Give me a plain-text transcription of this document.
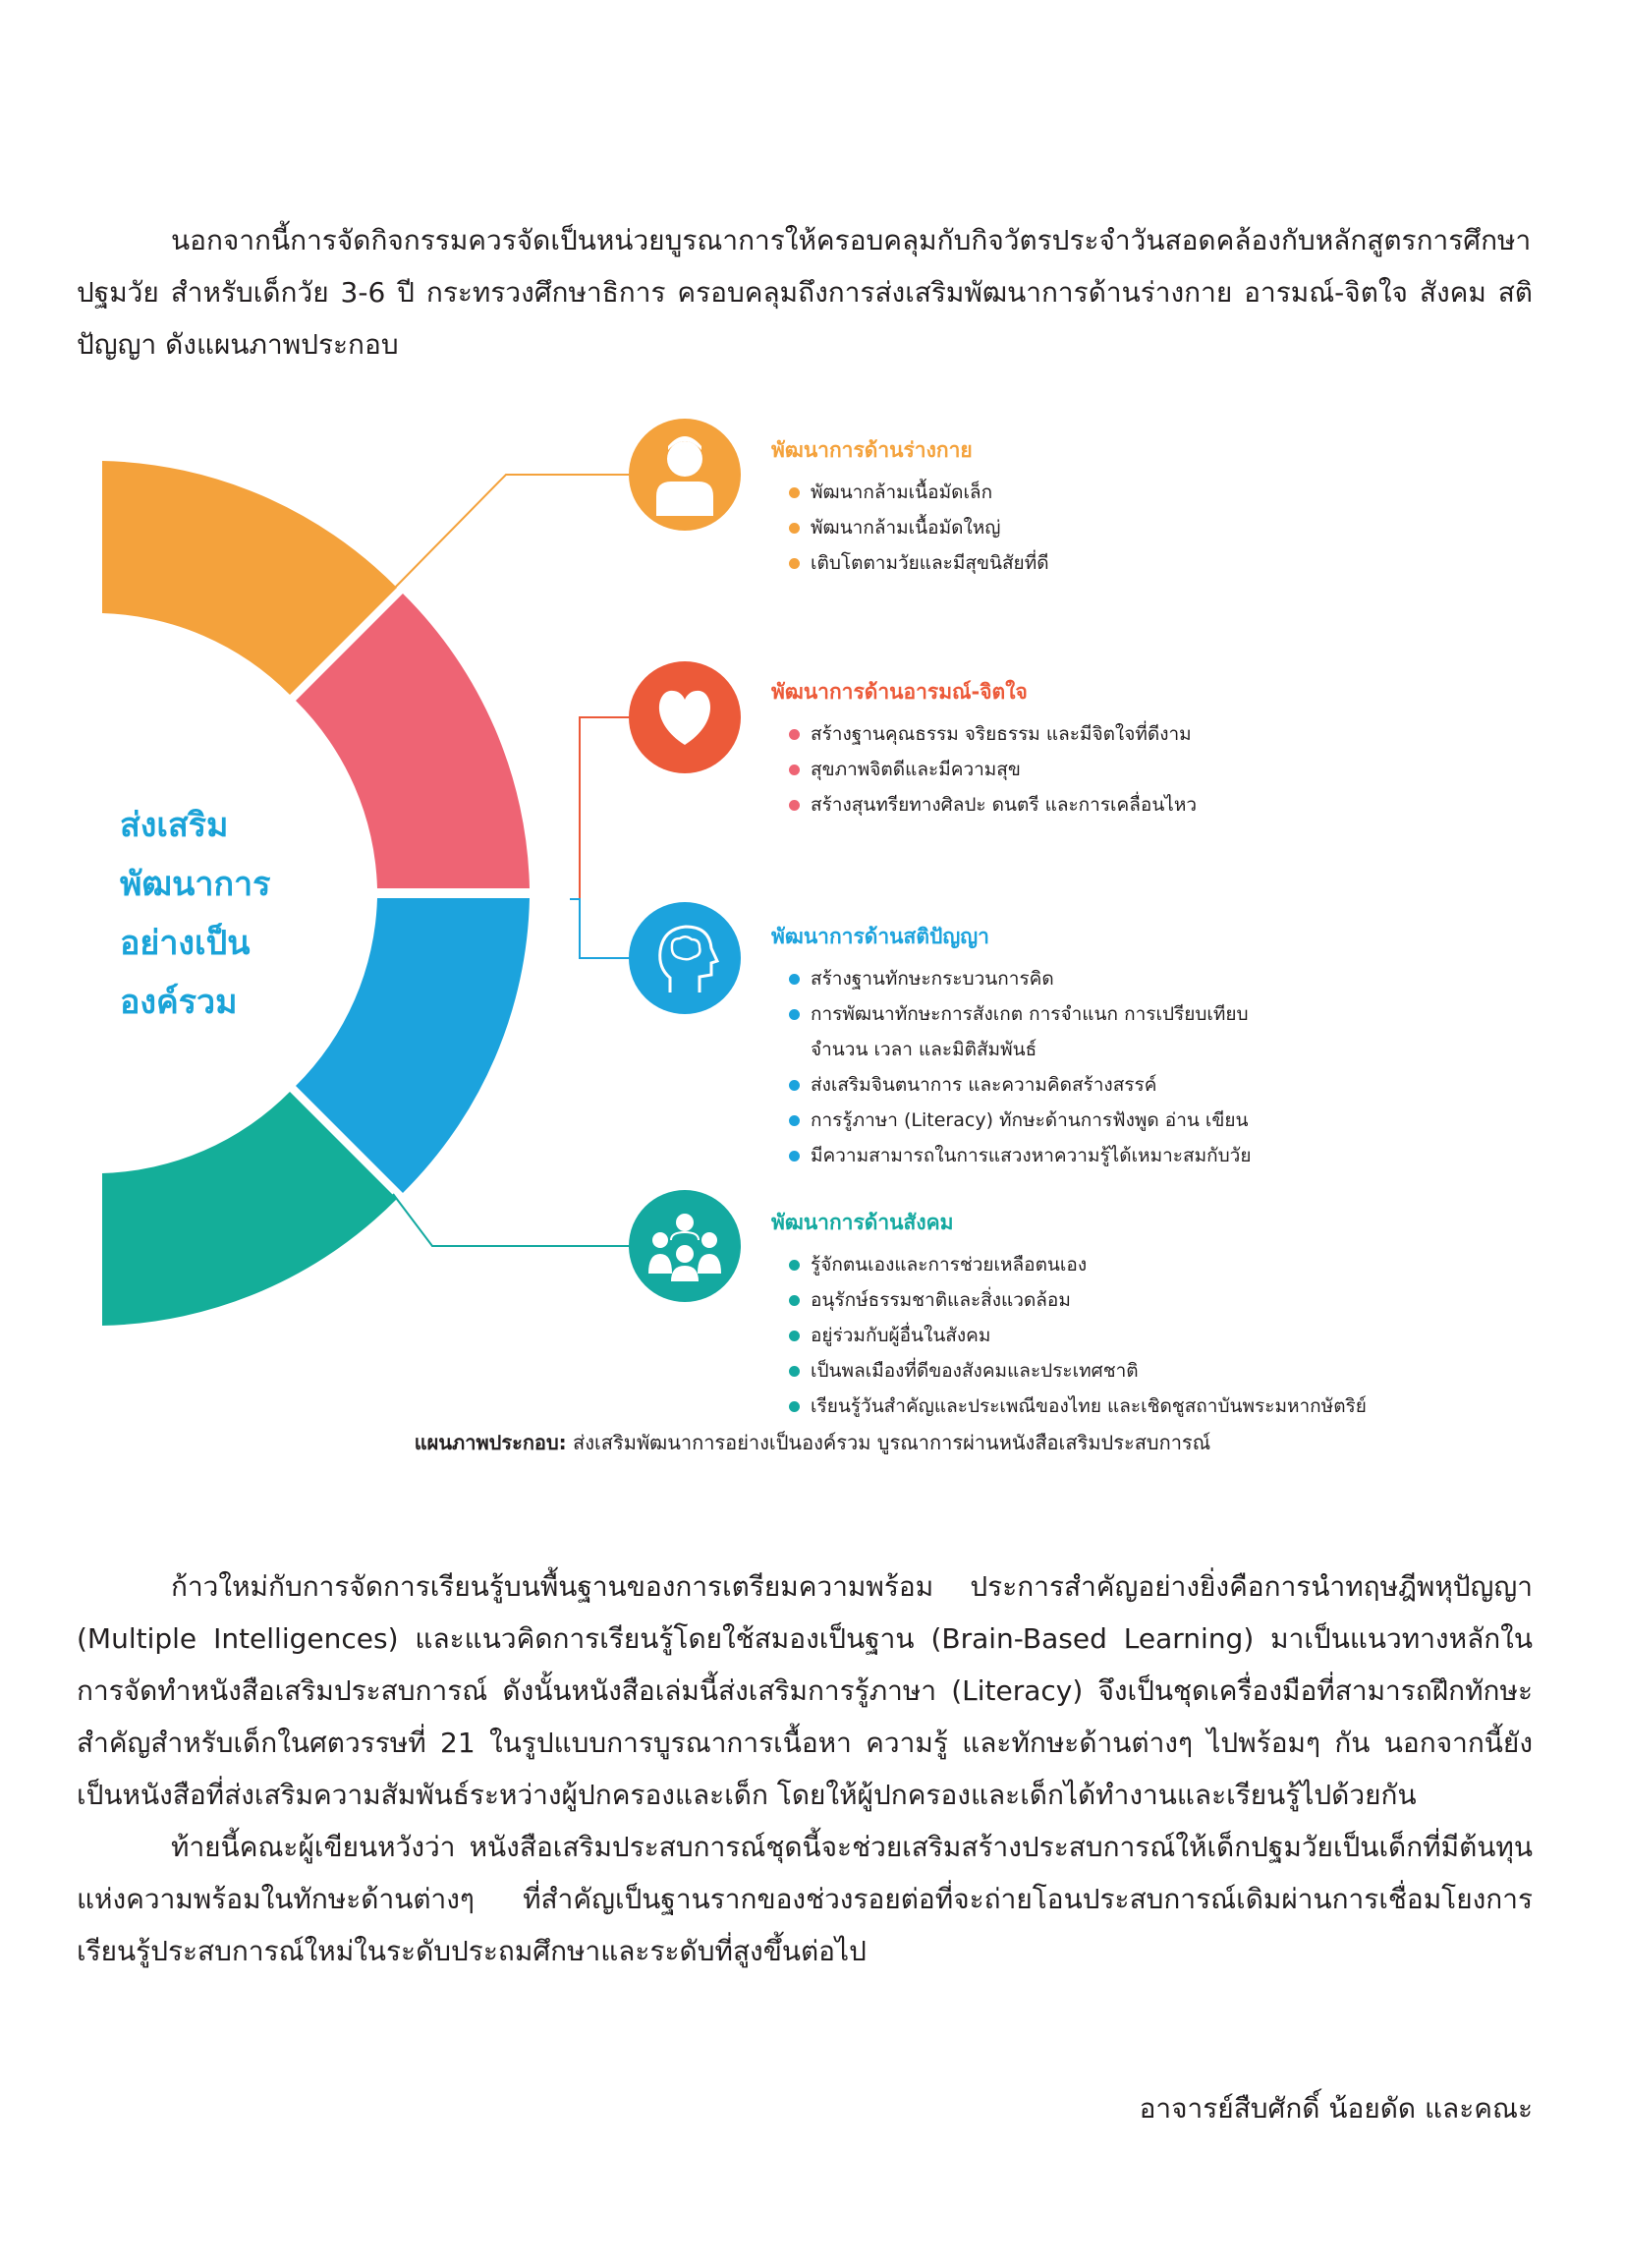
นอกจากนี้การจัดกิจกรรมควรจัดเป็นหน่วยบูรณาการให้ครอบคลุมกับกิจวัตรประจำวันสอดคล้องกับหลักสูตรการศึกษาปฐมวัย สำหรับเด็กวัย 3-6 ปี กระทรวงศึกษาธิการ ครอบคลุมถึงการส่งเสริมพัฒนาการด้านร่างกาย อารมณ์-จิตใจ สังคม สติปัญญา ดังแผนภาพประกอบ

ส่งเสริม
พัฒนาการ
อย่างเป็น
องค์รวม
พัฒนาการด้านร่างกาย
พัฒนากล้ามเนื้อมัดเล็ก
พัฒนากล้ามเนื้อมัดใหญ่
เติบโตตามวัยและมีสุขนิสัยที่ดี
พัฒนาการด้านอารมณ์-จิตใจ
สร้างฐานคุณธรรม จริยธรรม และมีจิตใจที่ดีงาม
สุขภาพจิตดีและมีความสุข
สร้างสุนทรียทางศิลปะ ดนตรี และการเคลื่อนไหว
พัฒนาการด้านสติปัญญา
สร้างฐานทักษะกระบวนการคิด
การพัฒนาทักษะการสังเกต การจำแนก การเปรียบเทียบ
จำนวน เวลา และมิติสัมพันธ์
ส่งเสริมจินตนาการ และความคิดสร้างสรรค์
การรู้ภาษา (Literacy) ทักษะด้านการฟังพูด อ่าน เขียน
มีความสามารถในการแสวงหาความรู้ได้เหมาะสมกับวัย
พัฒนาการด้านสังคม
รู้จักตนเองและการช่วยเหลือตนเอง
อนุรักษ์ธรรมชาติและสิ่งแวดล้อม
อยู่ร่วมกับผู้อื่นในสังคม
เป็นพลเมืองที่ดีของสังคมและประเทศชาติ
เรียนรู้วันสำคัญและประเพณีของไทย และเชิดชูสถาบันพระมหากษัตริย์

แผนภาพประกอบ: ส่งเสริมพัฒนาการอย่างเป็นองค์รวม บูรณาการผ่านหนังสือเสริมประสบการณ์

ก้าวใหม่กับการจัดการเรียนรู้บนพื้นฐานของการเตรียมความพร้อม ประการสำคัญอย่างยิ่งคือการนำทฤษฎีพหุปัญญา (Multiple Intelligences) และแนวคิดการเรียนรู้โดยใช้สมองเป็นฐาน (Brain-Based Learning) มาเป็นแนวทางหลักในการจัดทำหนังสือเสริมประสบการณ์ ดังนั้นหนังสือเล่มนี้ส่งเสริมการรู้ภาษา (Literacy) จึงเป็นชุดเครื่องมือที่สามารถฝึกทักษะสำคัญสำหรับเด็กในศตวรรษที่ 21 ในรูปแบบการบูรณาการเนื้อหา ความรู้ และทักษะด้านต่างๆ ไปพร้อมๆ กัน นอกจากนี้ยังเป็นหนังสือที่ส่งเสริมความสัมพันธ์ระหว่างผู้ปกครองและเด็ก โดยให้ผู้ปกครองและเด็กได้ทำงานและเรียนรู้ไปด้วยกัน

ท้ายนี้คณะผู้เขียนหวังว่า หนังสือเสริมประสบการณ์ชุดนี้จะช่วยเสริมสร้างประสบการณ์ให้เด็กปฐมวัยเป็นเด็กที่มีต้นทุนแห่งความพร้อมในทักษะด้านต่างๆ ที่สำคัญเป็นฐานรากของช่วงรอยต่อที่จะถ่ายโอนประสบการณ์เดิมผ่านการเชื่อมโยงการเรียนรู้ประสบการณ์ใหม่ในระดับประถมศึกษาและระดับที่สูงขึ้นต่อไป

อาจารย์สืบศักดิ์ น้อยดัด และคณะ
